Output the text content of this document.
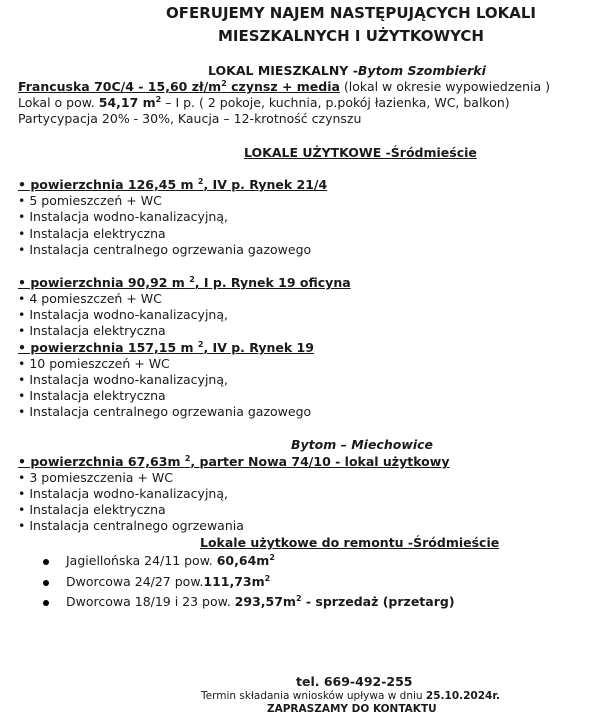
OFERUJEMY NAJEM NASTĘPUJĄCYCH LOKALI
MIESZKALNYCH I UŻYTKOWYCH
LOKAL MIESZKALNY -Bytom Szombierki
Francuska 70C/4 - 15,60 $zł/m^2$ czynsz + media (lokal w okresie wypowiedzenia )
Lokal o pow. 54,17 $m^2$ – I p. ( 2 pokoje, kuchnia, p.pokój łazienka, WC, balkon)
Partycypacja 20% - 30%, Kaucja – 12-krotność czynszu
LOKALE UŻYTKOWE -Śródmieście
• powierzchnia 126,45 m $^2$, IV p. Rynek 21/4
• 5 pomieszczeń + WC
• Instalacja wodno-kanalizacyjną,
• Instalacja elektryczna
• Instalacja centralnego ogrzewania gazowego
• powierzchnia 90,92 m $^2$, I p. Rynek 19 oficyna
• 4 pomieszczeń + WC
• Instalacja wodno-kanalizacyjną,
• Instalacja elektryczna
• powierzchnia 157,15 m $^2$, IV p. Rynek 19
• 10 pomieszczeń + WC
• Instalacja wodno-kanalizacyjną,
• Instalacja elektryczna
• Instalacja centralnego ogrzewania gazowego
Bytom – Miechowice
• powierzchnia 67,63m $^2$, parter Nowa 74/10 - lokal użytkowy
• 3 pomieszczenia + WC
• Instalacja wodno-kanalizacyjną,
• Instalacja elektryczna
• Instalacja centralnego ogrzewania
Lokale użytkowe do remontu -Śródmieście
Jagiellońska 24/11 pow. $60,64m^2$
Dworcowa 24/27 $pow.111,73m^2$
Dworcowa 18/19 i 23 pow. $293,57m^2$ - sprzedaż (przetarg)
tel. 669-492-255
Termin składania wniosków upływa w dniu 25.10.2024r.
ZAPRASZAMY DO KONTAKTU
